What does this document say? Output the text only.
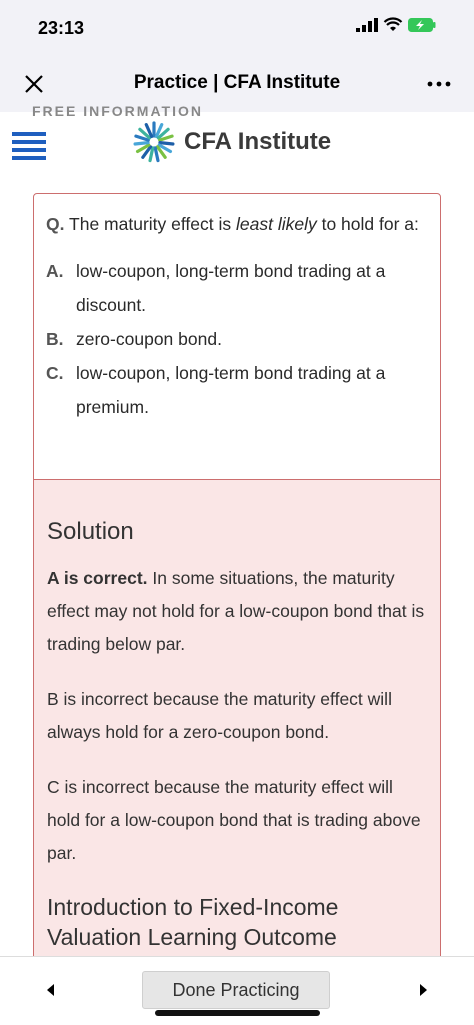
23:13
Practice | CFA Institute
FREE INFORMATION
CFA Institute
Q. The maturity effect is least likely to hold for a:
A. low-coupon, long-term bond trading at a discount.
B. zero-coupon bond.
C. low-coupon, long-term bond trading at a premium.
Solution

A is correct. In some situations, the maturity effect may not hold for a low-coupon bond that is trading below par.

B is incorrect because the maturity effect will always hold for a zero-coupon bond.

C is incorrect because the maturity effect will hold for a low-coupon bond that is trading above par.

Introduction to Fixed-Income Valuation Learning Outcome
Done Practicing
